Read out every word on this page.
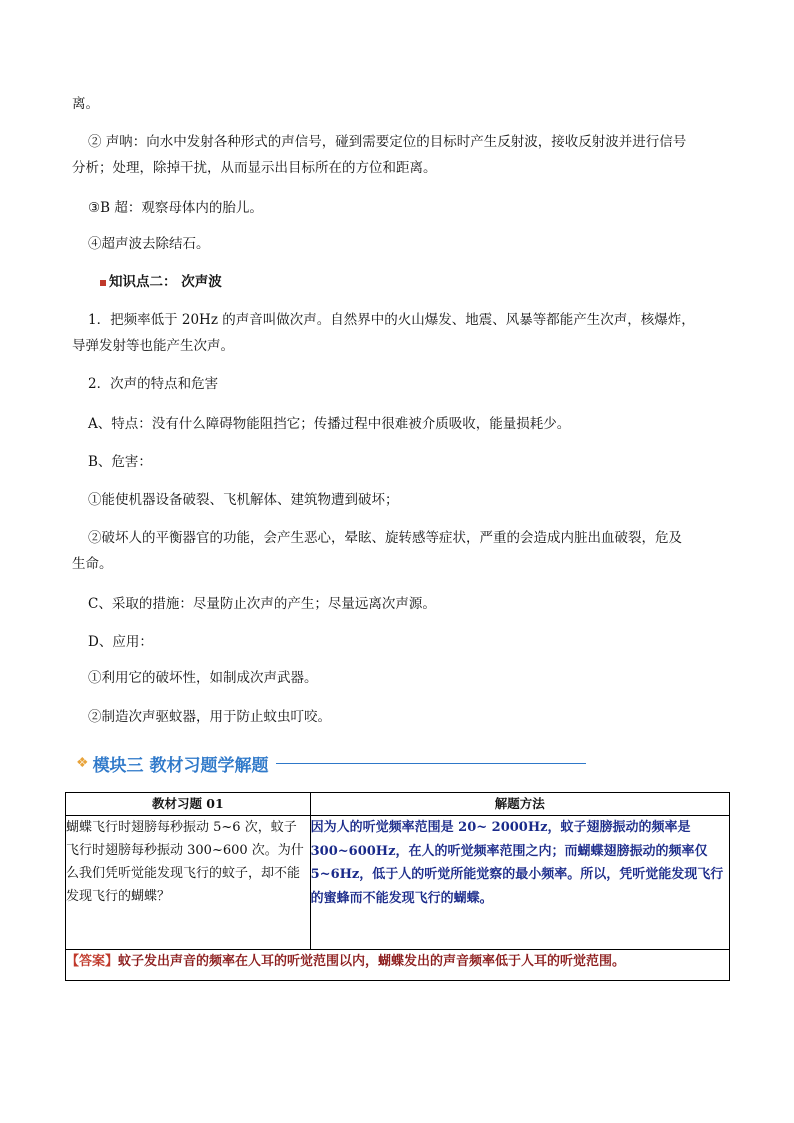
离。
② 声呐：向水中发射各种形式的声信号，碰到需要定位的目标时产生反射波，接收反射波并进行信号
分析；处理，除掉干扰，从而显示出目标所在的方位和距离。
③B 超：观察母体内的胎儿。
④超声波去除结石。
知识点二： 次声波
1．把频率低于 20Hz 的声音叫做次声。自然界中的火山爆发、地震、风暴等都能产生次声，核爆炸，
导弹发射等也能产生次声。
2．次声的特点和危害
A、特点：没有什么障碍物能阻挡它；传播过程中很难被介质吸收，能量损耗少。
B、危害：
①能使机器设备破裂、飞机解体、建筑物遭到破坏；
②破坏人的平衡器官的功能，会产生恶心，晕眩、旋转感等症状，严重的会造成内脏出血破裂，危及
生命。
C、采取的措施：尽量防止次声的产生；尽量远离次声源。
D、应用：
①利用它的破坏性，如制成次声武器。
②制造次声驱蚊器，用于防止蚊虫叮咬。
❖ 模块三 教材习题学解题
教材习题 01	解题方法
蝴蝶飞行时翅膀每秒振动 5~6 次，蚊子飞行时翅膀每秒振动 300~600 次。为什么我们凭听觉能发现飞行的蚊子，却不能发现飞行的蝴蝶？	因为人的听觉频率范围是 20~ 2000Hz，蚊子翅膀振动的频率是 300~600Hz，在人的听觉频率范围之内；而蝴蝶翅膀振动的频率仅 5~6Hz，低于人的听觉所能觉察的最小频率。所以，凭听觉能发现飞行的蜜蜂而不能发现飞行的蝴蝶。
【答案】蚊子发出声音的频率在人耳的听觉范围以内，蝴蝶发出的声音频率低于人耳的听觉范围。	
